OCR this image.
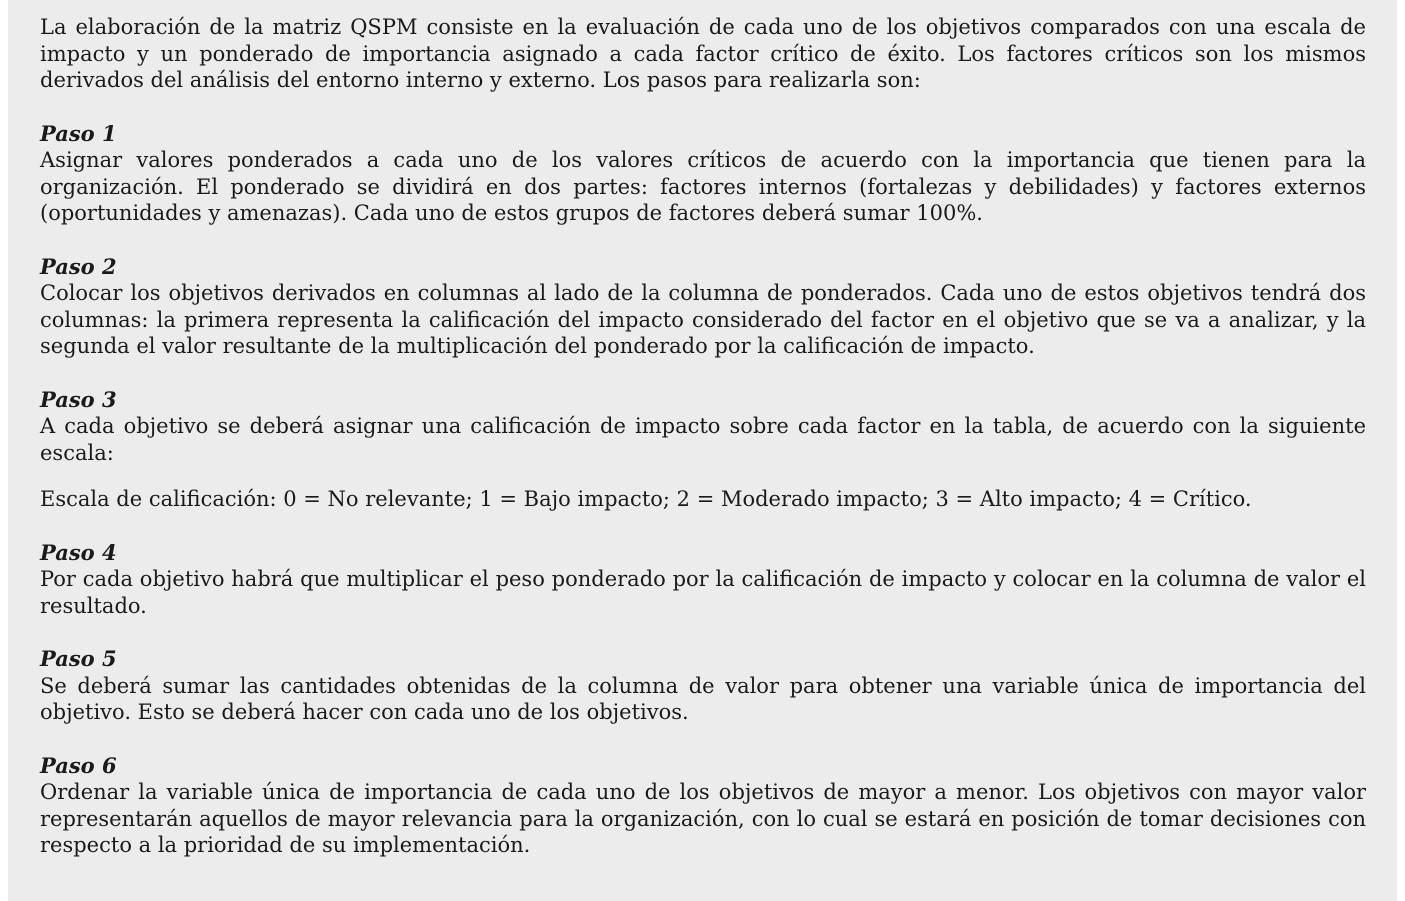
La elaboración de la matriz QSPM consiste en la evaluación de cada uno de los objetivos comparados con una escala de impacto y un ponderado de importancia asignado a cada factor crítico de éxito. Los factores críticos son los mismos derivados del análisis del entorno interno y externo. Los pasos para realizarla son:

Paso 1

Asignar valores ponderados a cada uno de los valores críticos de acuerdo con la importancia que tienen para la organización. El ponderado se dividirá en dos partes: factores internos (fortalezas y debilidades) y factores externos (oportunidades y amenazas). Cada uno de estos grupos de factores deberá sumar 100%.

Paso 2

Colocar los objetivos derivados en columnas al lado de la columna de ponderados. Cada uno de estos objetivos tendrá dos columnas: la primera representa la calificación del impacto considerado del factor en el objetivo que se va a analizar, y la segunda el valor resultante de la multiplicación del ponderado por la calificación de impacto.

Paso 3

A cada objetivo se deberá asignar una calificación de impacto sobre cada factor en la tabla, de acuerdo con la siguiente escala:

Escala de calificación: 0 = No relevante; 1 = Bajo impacto; 2 = Moderado impacto; 3 = Alto impacto; 4 = Crítico.

Paso 4

Por cada objetivo habrá que multiplicar el peso ponderado por la calificación de impacto y colocar en la columna de valor el resultado.

Paso 5

Se deberá sumar las cantidades obtenidas de la columna de valor para obtener una variable única de importancia del objetivo. Esto se deberá hacer con cada uno de los objetivos.

Paso 6

Ordenar la variable única de importancia de cada uno de los objetivos de mayor a menor. Los objetivos con mayor valor representarán aquellos de mayor relevancia para la organización, con lo cual se estará en posición de tomar decisiones con respecto a la prioridad de su implementación.
